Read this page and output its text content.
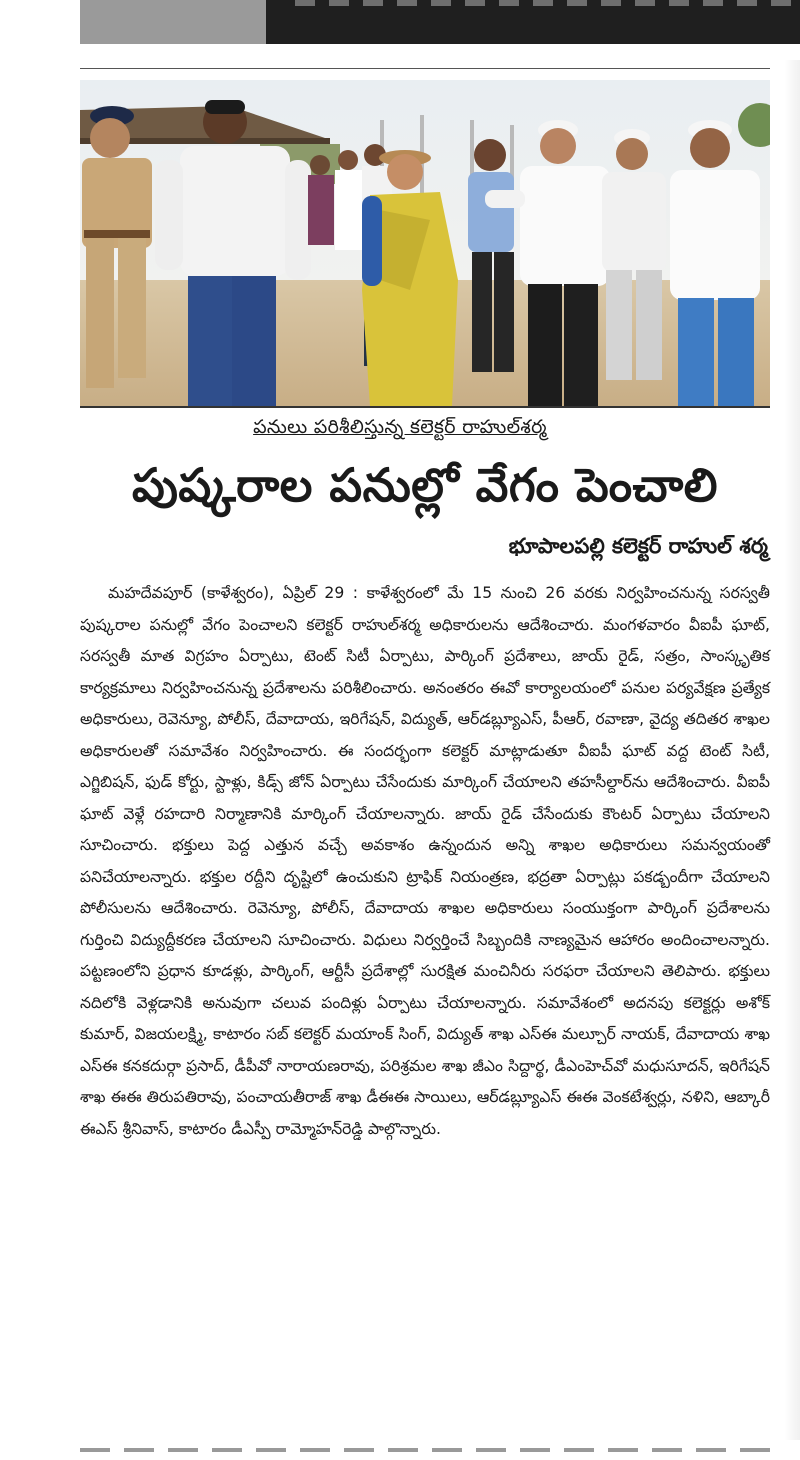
పనులు పరిశీలిస్తున్న కలెక్టర్ రాహుల్‌శర్మ
పుష్కరాల పనుల్లో వేగం పెంచాలి
భూపాలపల్లి కలెక్టర్ రాహుల్ శర్మ

మహదేవపూర్ (కాళేశ్వరం), ఏప్రిల్ 29 : కాళేశ్వరంలో మే 15 నుంచి 26 వరకు నిర్వహించనున్న సరస్వతీ పుష్కరాల పనుల్లో వేగం పెంచాలని కలెక్టర్ రాహుల్‌శర్మ అధికారులను ఆదేశించారు. మంగళవారం వీఐపీ ఘాట్, సరస్వతీ మాత విగ్రహం ఏర్పాటు, టెంట్ సిటీ ఏర్పాటు, పార్కింగ్ ప్రదేశాలు, జాయ్ రైడ్, సత్రం, సాంస్కృతిక కార్యక్రమాలు నిర్వహించనున్న ప్రదేశాలను పరిశీలించారు. అనంతరం ఈవో కార్యాలయంలో పనుల పర్యవేక్షణ ప్రత్యేక అధికారులు, రెవెన్యూ, పోలీస్, దేవాదాయ, ఇరిగేషన్, విద్యుత్, ఆర్‌డబ్ల్యూఎస్, పీఆర్, రవాణా, వైద్య తదితర శాఖల అధికారులతో సమావేశం నిర్వహించారు. ఈ సందర్భంగా కలెక్టర్ మాట్లాడుతూ వీఐపీ ఘాట్ వద్ద టెంట్ సిటీ, ఎగ్జిబిషన్, ఫుడ్ కోర్టు, స్టాళ్లు, కిడ్స్ జోన్ ఏర్పాటు చేసేందుకు మార్కింగ్ చేయాలని తహసీల్దార్‌ను ఆదేశించారు. వీఐపీ ఘాట్ వెళ్లే రహదారి నిర్మాణానికి మార్కింగ్ చేయాలన్నారు. జాయ్ రైడ్ చేసేందుకు కౌంటర్ ఏర్పాటు చేయాలని సూచించారు. భక్తులు పెద్ద ఎత్తున వచ్చే అవకాశం ఉన్నందున అన్ని శాఖల అధికారులు సమన్వయంతో పనిచేయాలన్నారు. భక్తుల రద్దీని దృష్టిలో ఉంచుకుని ట్రాఫిక్ నియంత్రణ, భద్రతా ఏర్పాట్లు పకడ్బందీగా చేయాలని పోలీసులను ఆదేశించారు. రెవెన్యూ, పోలీస్, దేవాదాయ శాఖల అధికారులు సంయుక్తంగా పార్కింగ్ ప్రదేశాలను గుర్తించి విద్యుద్దీకరణ చేయాలని సూచించారు. విధులు నిర్వర్తించే సిబ్బందికి నాణ్యమైన ఆహారం అందించాలన్నారు. పట్టణంలోని ప్రధాన కూడళ్లు, పార్కింగ్, ఆర్టీసీ ప్రదేశాల్లో సురక్షిత మంచినీరు సరఫరా చేయాలని తెలిపారు. భక్తులు నదిలోకి వెళ్లడానికి అనువుగా చలువ పందిళ్లు ఏర్పాటు చేయాలన్నారు. సమావేశంలో అదనపు కలెక్టర్లు అశోక్ కుమార్, విజయలక్ష్మి, కాటారం సబ్ కలెక్టర్ మయాంక్ సింగ్, విద్యుత్ శాఖ ఎస్ఈ మల్చూర్ నాయక్, దేవాదాయ శాఖ ఎస్ఈ కనకదుర్గా ప్రసాద్, డీపీవో నారాయణరావు, పరిశ్రమల శాఖ జీఎం సిద్దార్థ, డీఎంహెచ్‌వో మధుసూదన్, ఇరిగేషన్ శాఖ ఈఈ తిరుపతిరావు, పంచాయతీరాజ్ శాఖ డీఈఈ సాయిలు, ఆర్‌డబ్ల్యూఎస్ ఈఈ వెంకటేశ్వర్లు, నళిని, ఆబ్కారీ ఈఎస్ శ్రీనివాస్, కాటారం డీఎస్పీ రామ్మోహన్‌రెడ్డి పాల్గొన్నారు.
